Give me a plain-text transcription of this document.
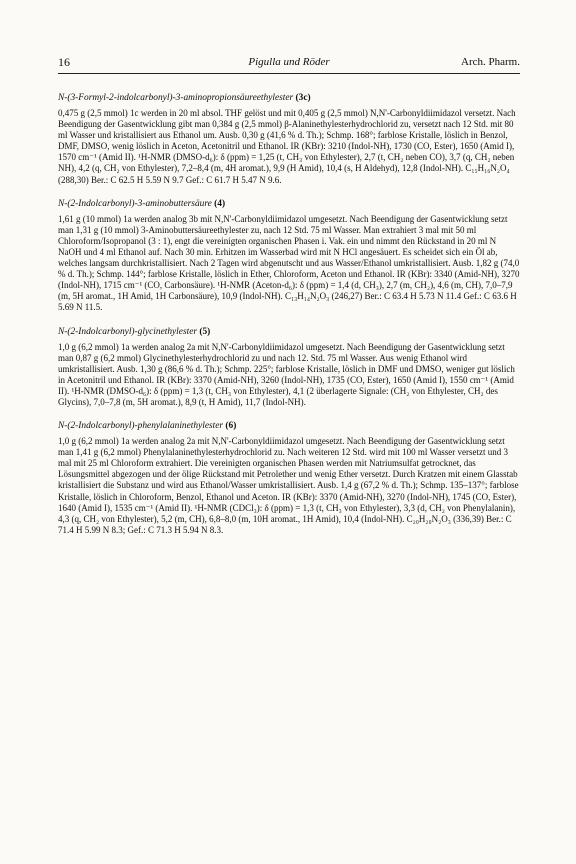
16	Pigulla und Röder	Arch. Pharm.
N-(3-Formyl-2-indolcarbonyl)-3-aminopropionsäureethylester (3c)

0,475 g (2,5 mmol) 1c werden in 20 ml absol. THF gelöst und mit 0,405 g (2,5 mmol) N,N'-Carbonyldiimidazol versetzt. Nach Beendigung der Gasentwicklung gibt man 0,384 g (2,5 mmol) β-Alaninethylesterhydrochlorid zu, versetzt nach 12 Std. mit 80 ml Wasser und kristallisiert aus Ethanol um. Ausb. 0,30 g (41,6 % d. Th.); Schmp. 168°; farblose Kristalle, löslich in Benzol, DMF, DMSO, wenig löslich in Aceton, Acetonitril und Ethanol. IR (KBr): 3210 (Indol-NH), 1730 (CO, Ester), 1650 (Amid I), 1570 cm⁻¹ (Amid II). ¹H-NMR (DMSO-d₆): δ (ppm) = 1,25 (t, CH₃ von Ethylester), 2,7 (t, CH₂ neben CO), 3,7 (q, CH₂ neben NH), 4,2 (q, CH₂ von Ethylester), 7,2–8,4 (m, 4H aromat.), 9,9 (H Amid), 10,4 (s, H Aldehyd), 12,8 (Indol-NH). C₁₅H₁₆N₂O₄ (288,30) Ber.: C 62.5 H 5.59 N 9.7 Gef.: C 61.7 H 5.47 N 9.6.

N-(2-Indolcarbonyl)-3-aminobuttersäure (4)

1,61 g (10 mmol) 1a werden analog 3b mit N,N'-Carbonyldiimidazol umgesetzt. Nach Beendigung der Gasentwicklung setzt man 1,31 g (10 mmol) 3-Aminobuttersäureethylester zu, nach 12 Std. 75 ml Wasser. Man extrahiert 3 mal mit 50 ml Chloroform/Isopropanol (3 : 1), engt die vereinigten organischen Phasen i. Vak. ein und nimmt den Rückstand in 20 ml N NaOH und 4 ml Ethanol auf. Nach 30 min. Erhitzen im Wasserbad wird mit N HCl angesäuert. Es scheidet sich ein Öl ab, welches langsam durchkristallisiert. Nach 2 Tagen wird abgenutscht und aus Wasser/Ethanol umkristallisiert. Ausb. 1,82 g (74,0 % d. Th.); Schmp. 144°; farblose Kristalle, löslich in Ether, Chloroform, Aceton und Ethanol. IR (KBr): 3340 (Amid-NH), 3270 (Indol-NH), 1715 cm⁻¹ (CO, Carbonsäure). ¹H-NMR (Aceton-d₆): δ (ppm) = 1,4 (d, CH₃), 2,7 (m, CH₂), 4,6 (m, CH), 7,0–7,9 (m, 5H aromat., 1H Amid, 1H Carbonsäure), 10,9 (Indol-NH). C₁₃H₁₄N₂O₃ (246,27) Ber.: C 63.4 H 5.73 N 11.4 Gef.: C 63.6 H 5.69 N 11.5.

N-(2-Indolcarbonyl)-glycinethylester (5)

1,0 g (6,2 mmol) 1a werden analog 2a mit N,N'-Carbonyldiimidazol umgesetzt. Nach Beendigung der Gasentwicklung setzt man 0,87 g (6,2 mmol) Glycinethylesterhydrochlorid zu und nach 12. Std. 75 ml Wasser. Aus wenig Ethanol wird umkristallisiert. Ausb. 1,30 g (86,6 % d. Th.); Schmp. 225°; farblose Kristalle, löslich in DMF und DMSO, weniger gut löslich in Acetonitril und Ethanol. IR (KBr): 3370 (Amid-NH), 3260 (Indol-NH), 1735 (CO, Ester), 1650 (Amid I), 1550 cm⁻¹ (Amid II). ¹H-NMR (DMSO-d₆): δ (ppm) = 1,3 (t, CH₃ von Ethylester), 4,1 (2 überlagerte Signale: (CH₂ von Ethylester, CH₂ des Glycins), 7,0–7,8 (m, 5H aromat.), 8,9 (t, H Amid), 11,7 (Indol-NH).

N-(2-Indolcarbonyl)-phenylalaninethylester (6)

1,0 g (6,2 mmol) 1a werden analog 2a mit N,N'-Carbonyldiimidazol umgesetzt. Nach Beendigung der Gasentwicklung setzt man 1,41 g (6,2 mmol) Phenylalaninethylesterhydrochlorid zu. Nach weiteren 12 Std. wird mit 100 ml Wasser versetzt und 3 mal mit 25 ml Chloroform extrahiert. Die vereinigten organischen Phasen werden mit Natriumsulfat getrocknet, das Lösungsmittel abgezogen und der ölige Rückstand mit Petrolether und wenig Ether versetzt. Durch Kratzen mit einem Glasstab kristallisiert die Substanz und wird aus Ethanol/Wasser umkristallisiert. Ausb. 1,4 g (67,2 % d. Th.); Schmp. 135–137°; farblose Kristalle, löslich in Chloroform, Benzol, Ethanol und Aceton. IR (KBr): 3370 (Amid-NH), 3270 (Indol-NH), 1745 (CO, Ester), 1640 (Amid I), 1535 cm⁻¹ (Amid II). ¹H-NMR (CDCl₃): δ (ppm) = 1,3 (t, CH₃ von Ethylester), 3,3 (d, CH₂ von Phenylalanin), 4,3 (q, CH₂ von Ethylester), 5,2 (m, CH), 6,8–8,0 (m, 10H aromat., 1H Amid), 10,4 (Indol-NH). C₂₀H₂₀N₂O₃ (336,39) Ber.: C 71.4 H 5.99 N 8.3; Gef.: C 71.3 H 5.94 N 8.3.
